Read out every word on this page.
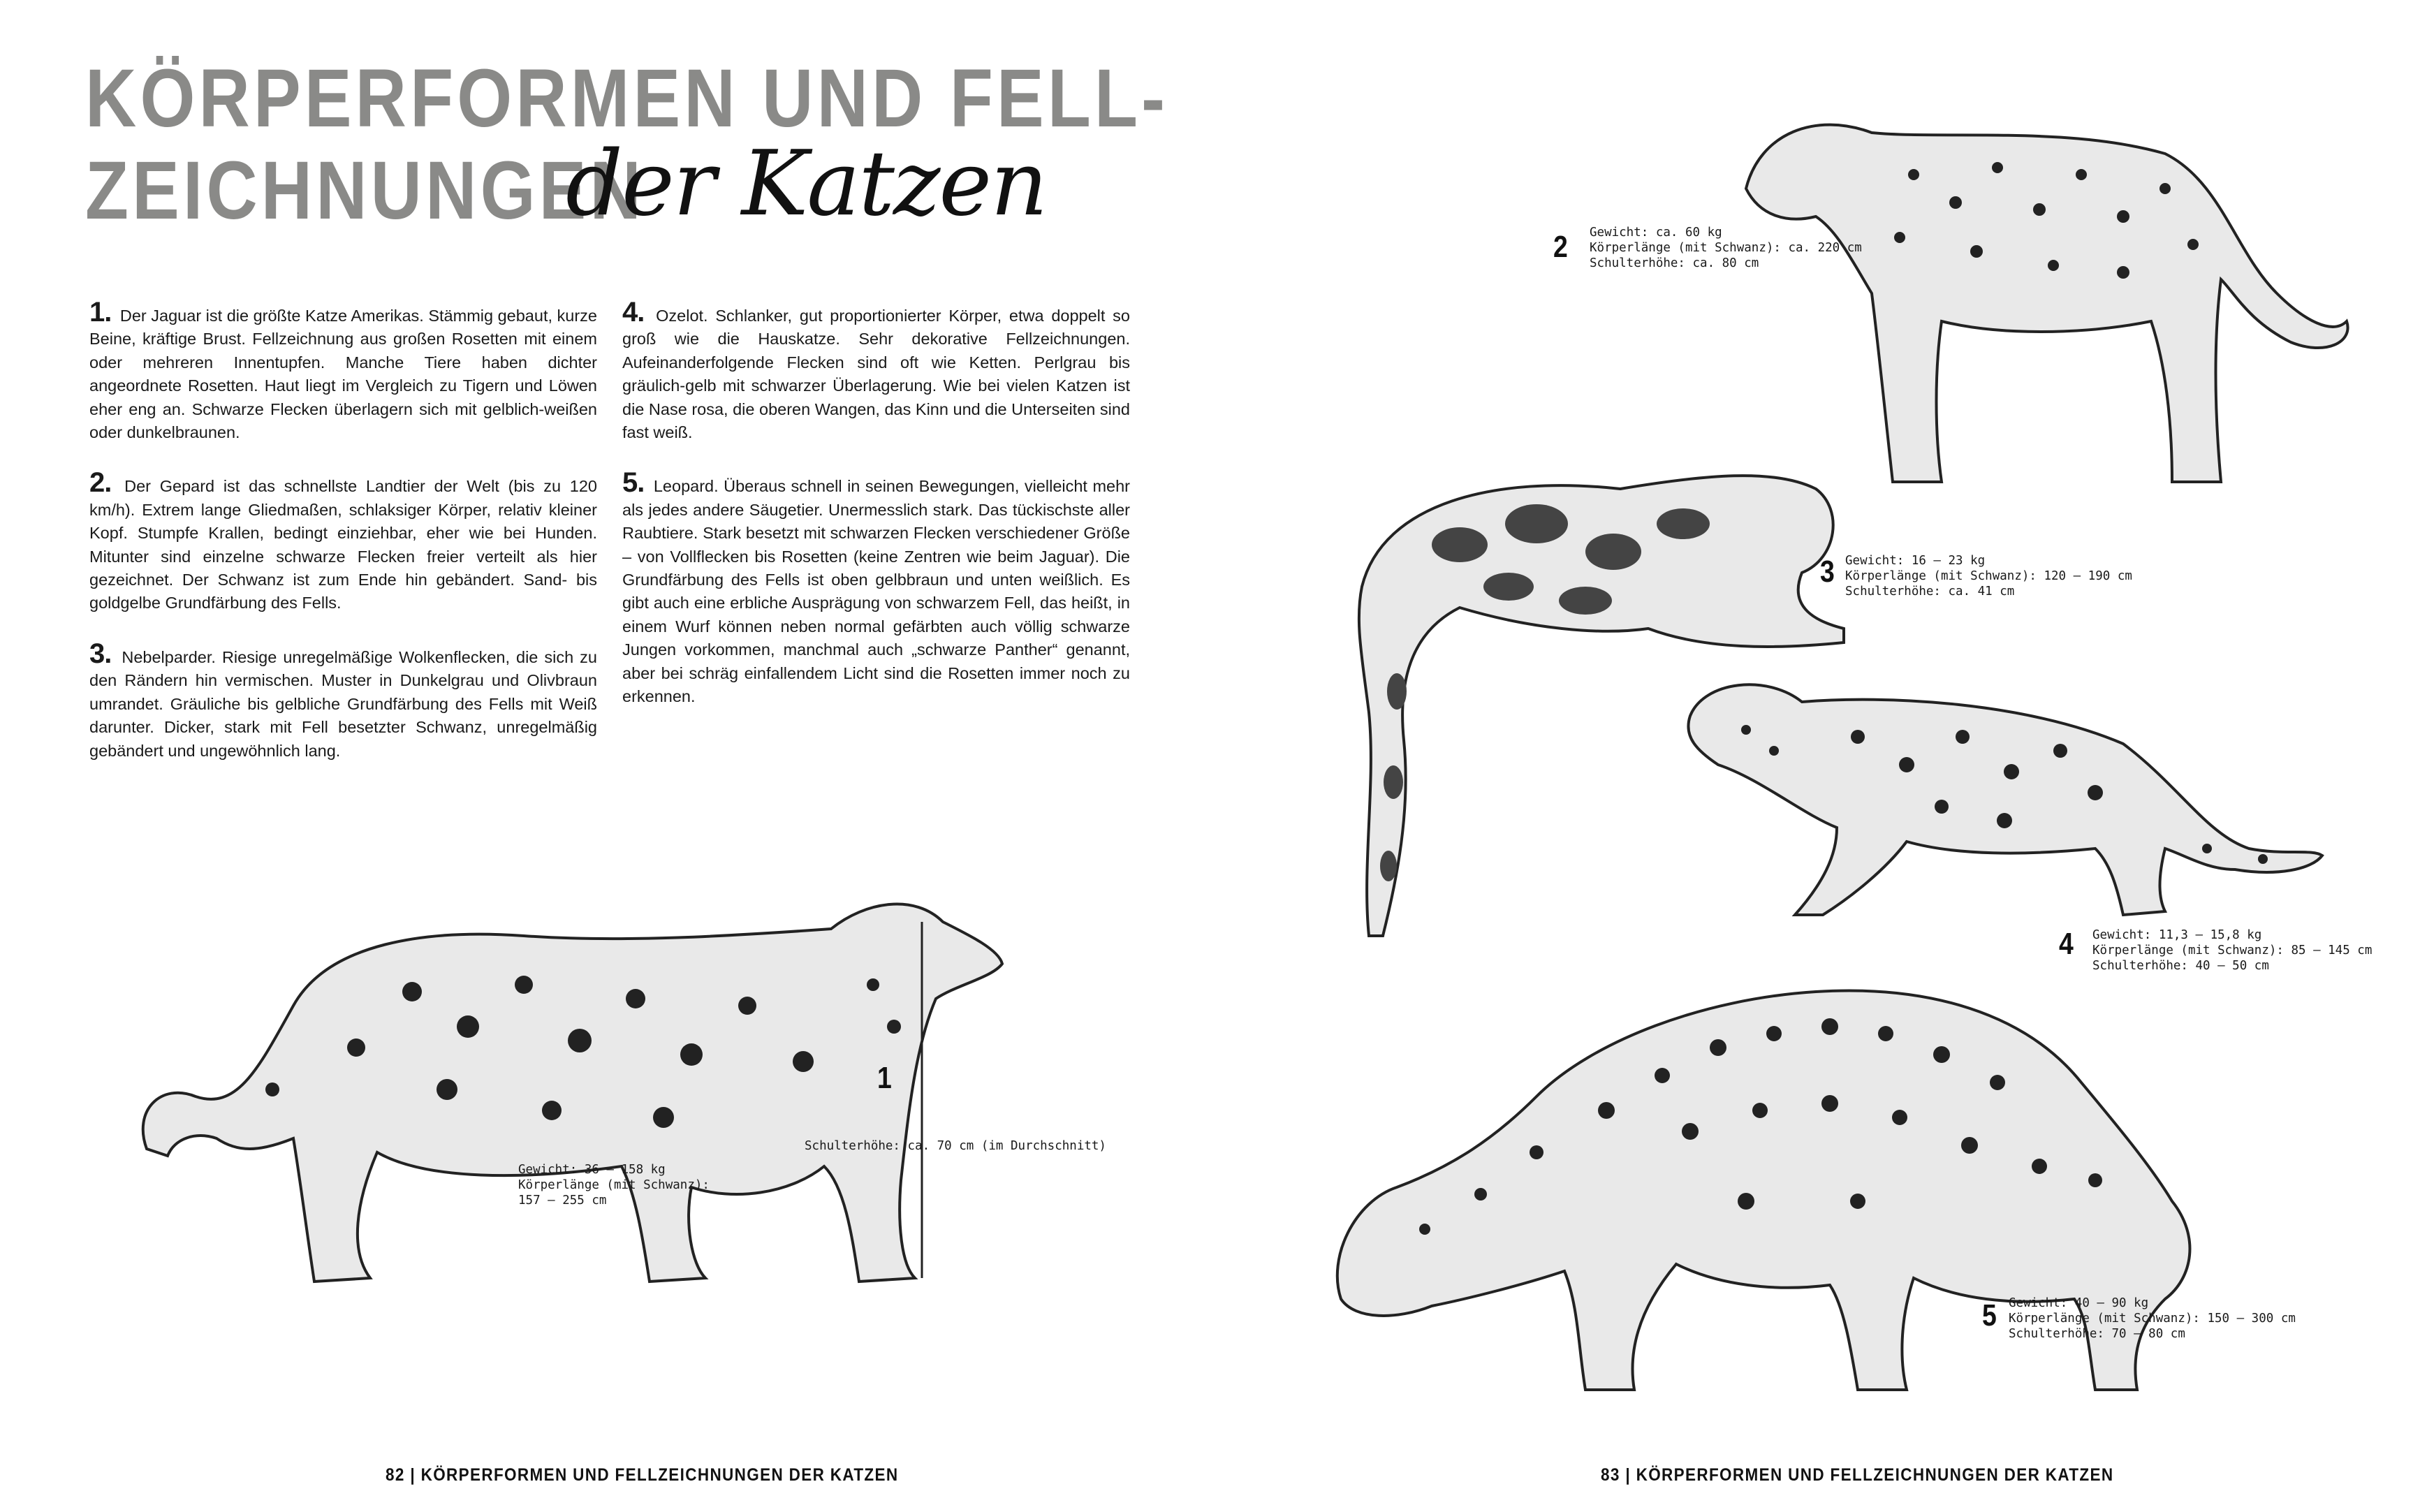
KÖRPERFORMEN UND FELL-
ZEICHNUNGEN
der Katzen

1. Der Jaguar ist die größte Katze Amerikas. Stämmig gebaut, kurze Beine, kräftige Brust. Fellzeichnung aus großen Rosetten mit einem oder mehreren Innentupfen. Manche Tiere haben dichter angeordnete Rosetten. Haut liegt im Vergleich zu Tigern und Löwen eher eng an. Schwarze Flecken überlagern sich mit gelblich-weißen oder dunkelbraunen.

2. Der Gepard ist das schnellste Landtier der Welt (bis zu 120 km/h). Extrem lange Gliedmaßen, schlaksiger Körper, relativ kleiner Kopf. Stumpfe Krallen, bedingt einziehbar, eher wie bei Hunden. Mitunter sind einzelne schwarze Flecken freier verteilt als hier gezeichnet. Der Schwanz ist zum Ende hin gebändert. Sand- bis goldgelbe Grundfärbung des Fells.

3. Nebelparder. Riesige unregelmäßige Wolkenflecken, die sich zu den Rändern hin vermischen. Muster in Dunkelgrau und Olivbraun umrandet. Gräuliche bis gelbliche Grundfärbung des Fells mit Weiß darunter. Dicker, stark mit Fell besetzter Schwanz, unregelmäßig gebändert und ungewöhnlich lang.

4. Ozelot. Schlanker, gut proportionierter Körper, etwa doppelt so groß wie die Hauskatze. Sehr dekorative Fellzeichnungen. Aufeinanderfolgende Flecken sind oft wie Ketten. Perlgrau bis gräulich-gelb mit schwarzer Überlagerung. Wie bei vielen Katzen ist die Nase rosa, die oberen Wangen, das Kinn und die Unterseiten sind fast weiß.

5. Leopard. Überaus schnell in seinen Bewegungen, vielleicht mehr als jedes andere Säugetier. Unermesslich stark. Das tückischste aller Raubtiere. Stark besetzt mit schwarzen Flecken verschiedener Größe – von Vollflecken bis Rosetten (keine Zentren wie beim Jaguar). Die Grundfärbung des Fells ist oben gelbbraun und unten weißlich. Es gibt auch eine erbliche Ausprägung von schwarzem Fell, das heißt, in einem Wurf können neben normal gefärbten auch völlig schwarze Jungen vorkommen, manchmal auch „schwarze Panther“ genannt, aber bei schräg einfallendem Licht sind die Rosetten immer noch zu erkennen.

1
Schulterhöhe: ca. 70 cm (im Durchschnitt)
Gewicht: 36 – 158 kg
Körperlänge (mit Schwanz):
157 – 255 cm
2 Gewicht: ca. 60 kg
Körperlänge (mit Schwanz): ca. 220 cm
Schulterhöhe: ca. 80 cm
3 Gewicht: 16 – 23 kg
Körperlänge (mit Schwanz): 120 – 190 cm
Schulterhöhe: ca. 41 cm
4 Gewicht: 11,3 – 15,8 kg
Körperlänge (mit Schwanz): 85 – 145 cm
Schulterhöhe: 40 – 50 cm
5 Gewicht: 40 – 90 kg
Körperlänge (mit Schwanz): 150 – 300 cm
Schulterhöhe: 70 – 80 cm
82 | KÖRPERFORMEN UND FELLZEICHNUNGEN DER KATZEN	83 | KÖRPERFORMEN UND FELLZEICHNUNGEN DER KATZEN
